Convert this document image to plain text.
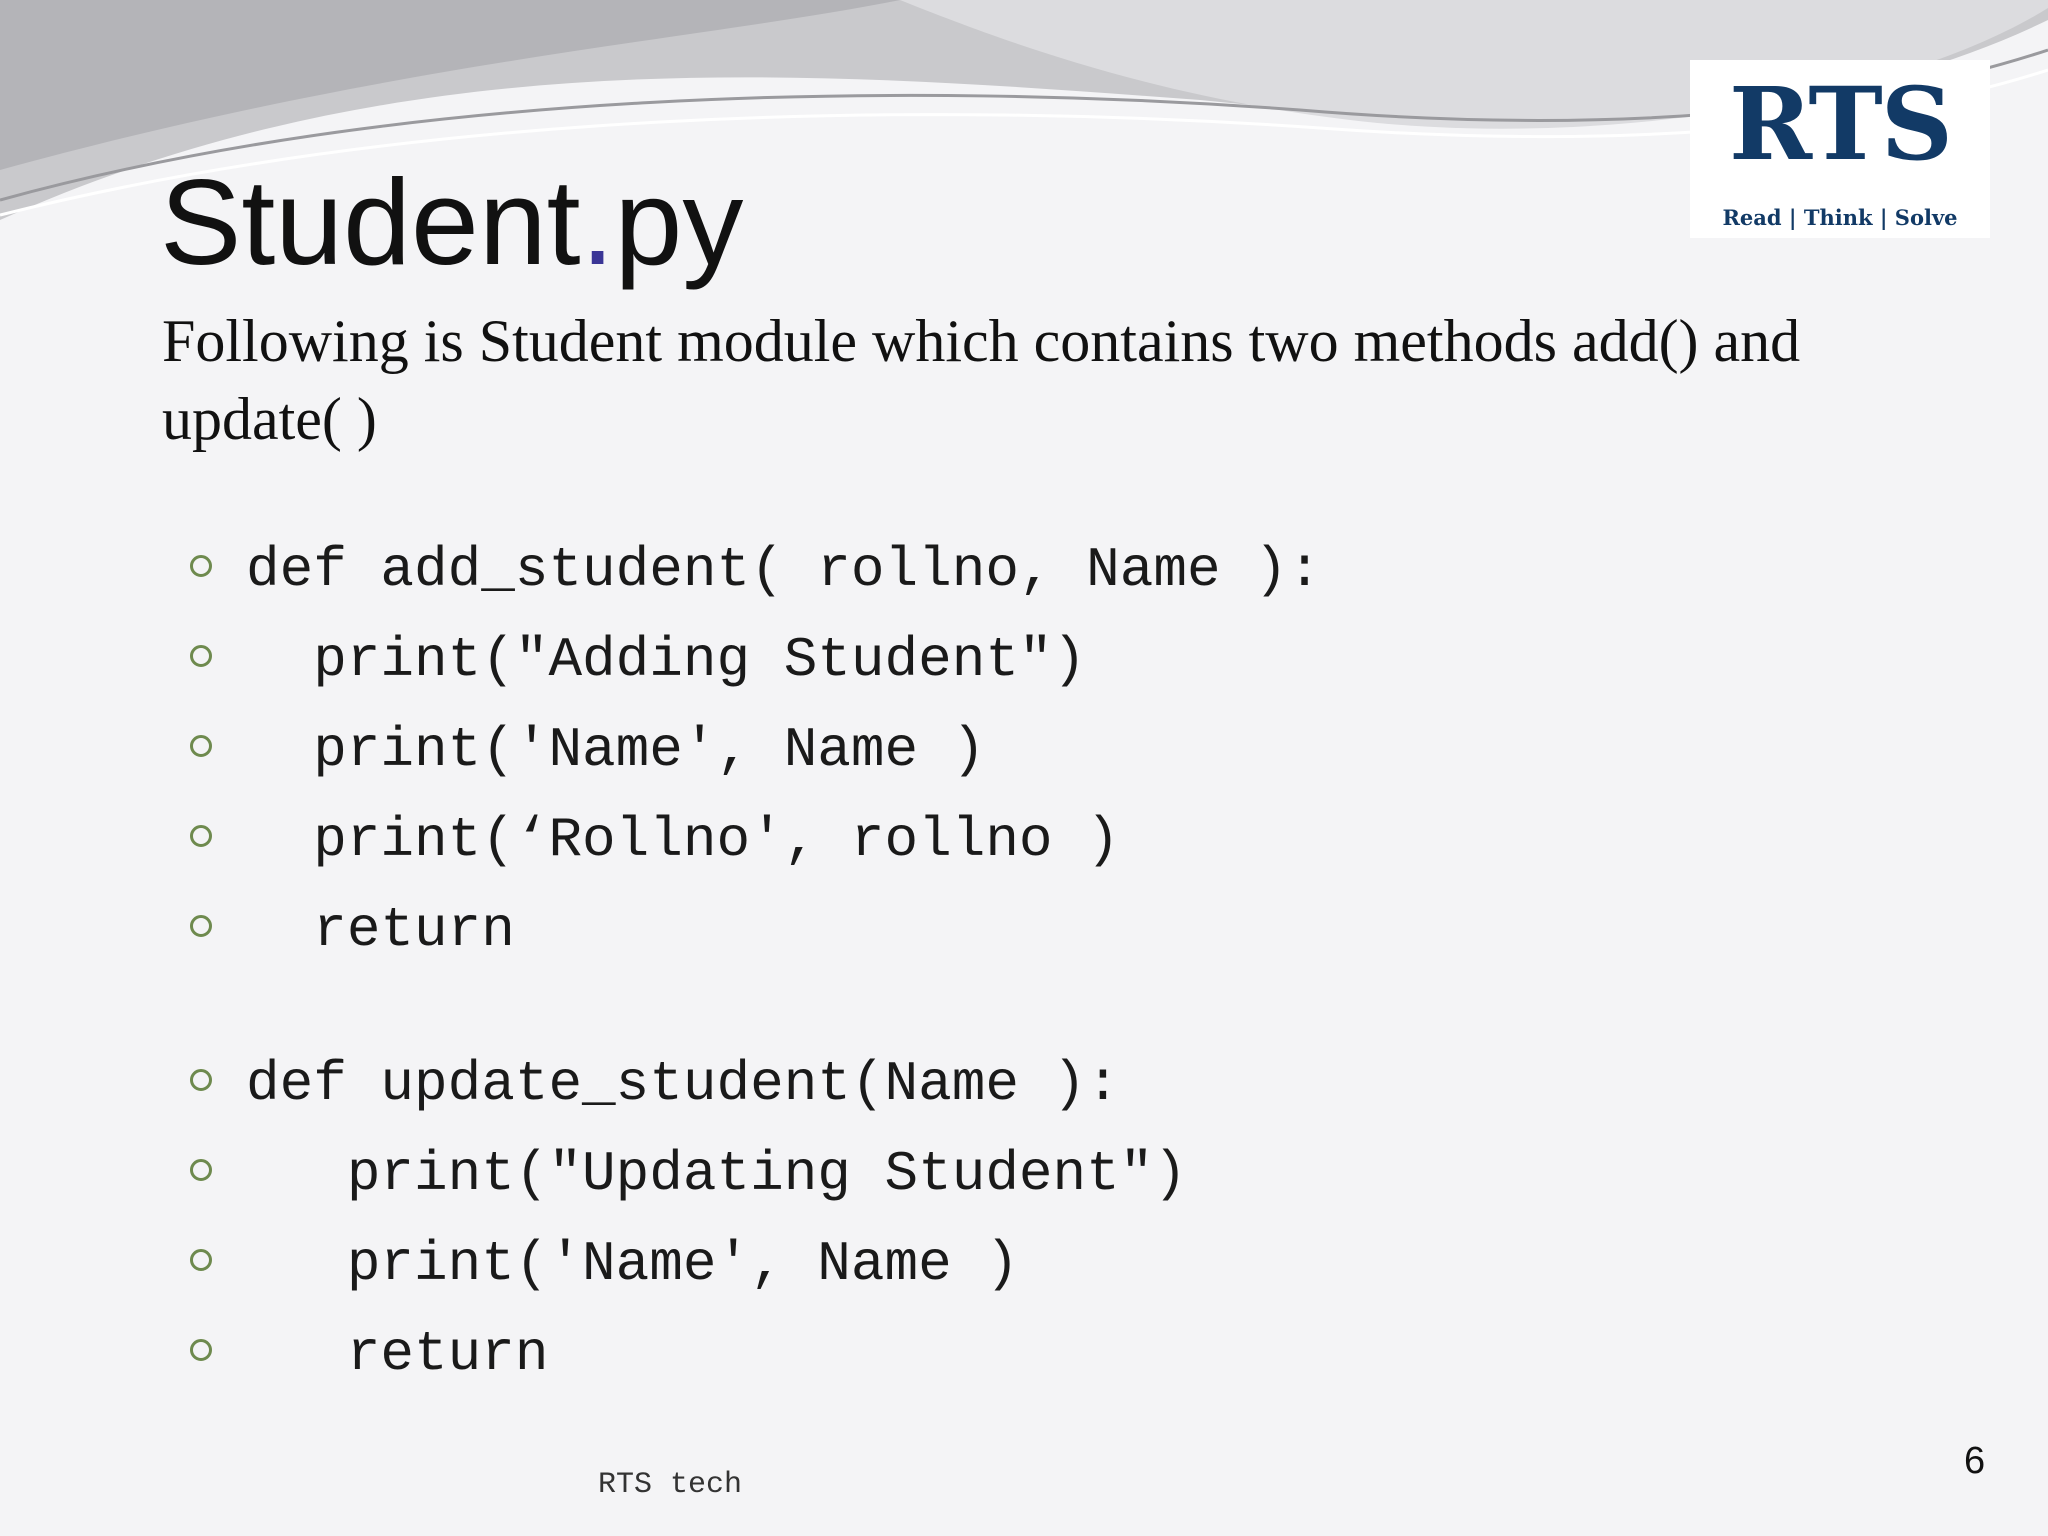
RTS
Read | Think | Solve
Student.py
Following is Student module which contains two methods add() and update( )
def add_student( rollno, Name ):
print("Adding Student")
print('Name', Name )
print(‘Rollno', rollno )
return
def update_student(Name ):
print("Updating Student")
print('Name', Name )
return
RTS tech
6
